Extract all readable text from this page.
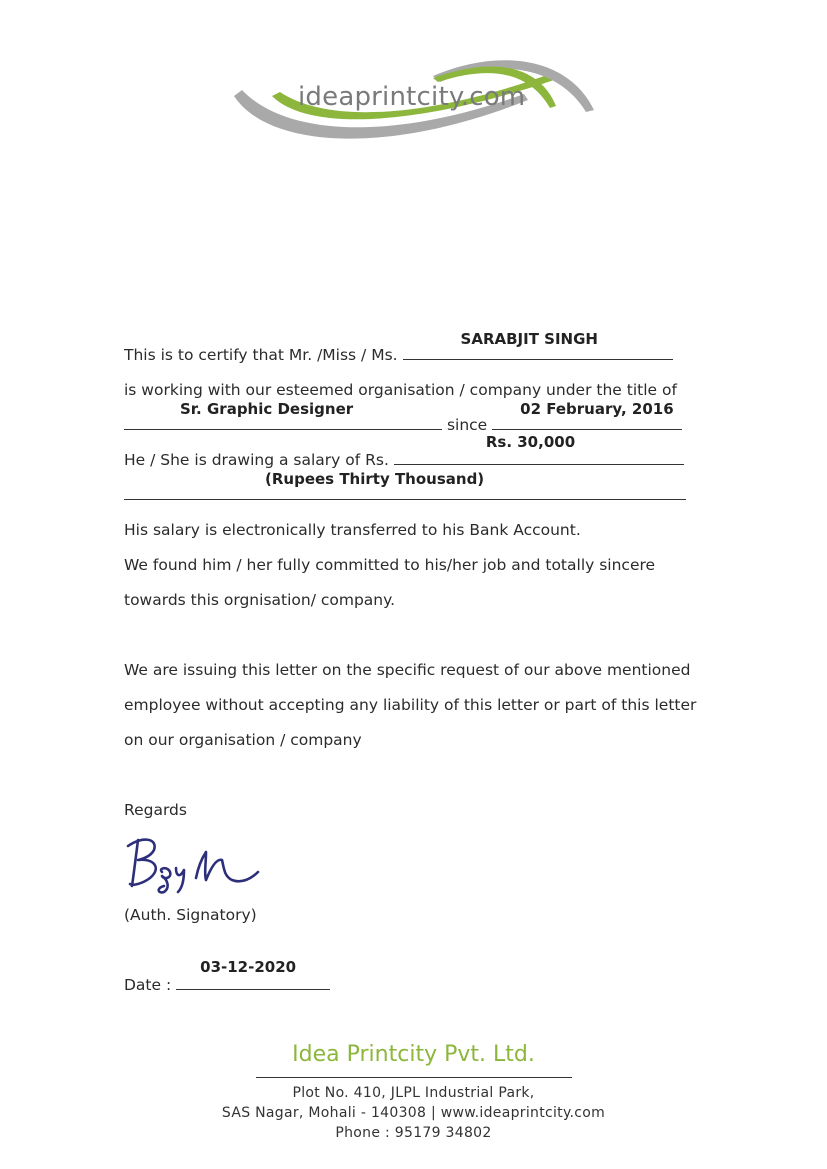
ideaprintcity.com
This is to certify that Mr. /Miss / Ms.
SARABJIT SINGH
is working with our esteemed organisation / company under the title of
Sr. Graphic Designer
since
02 February, 2016
He / She is drawing a salary of Rs.
Rs. 30,000
(Rupees Thirty Thousand)
His salary is electronically transferred to his Bank Account.
We found him / her fully committed to his/her job and totally sincere
towards this orgnisation/ company.
We are issuing this letter on the specific request of our above mentioned
employee without accepting any liability of this letter or part of this letter
on our organisation / company
Regards
(Auth. Signatory)
Date :
03-12-2020
Idea Printcity Pvt. Ltd.
Plot No. 410, JLPL Industrial Park,
SAS Nagar, Mohali - 140308 | www.ideaprintcity.com
Phone : 95179 34802
